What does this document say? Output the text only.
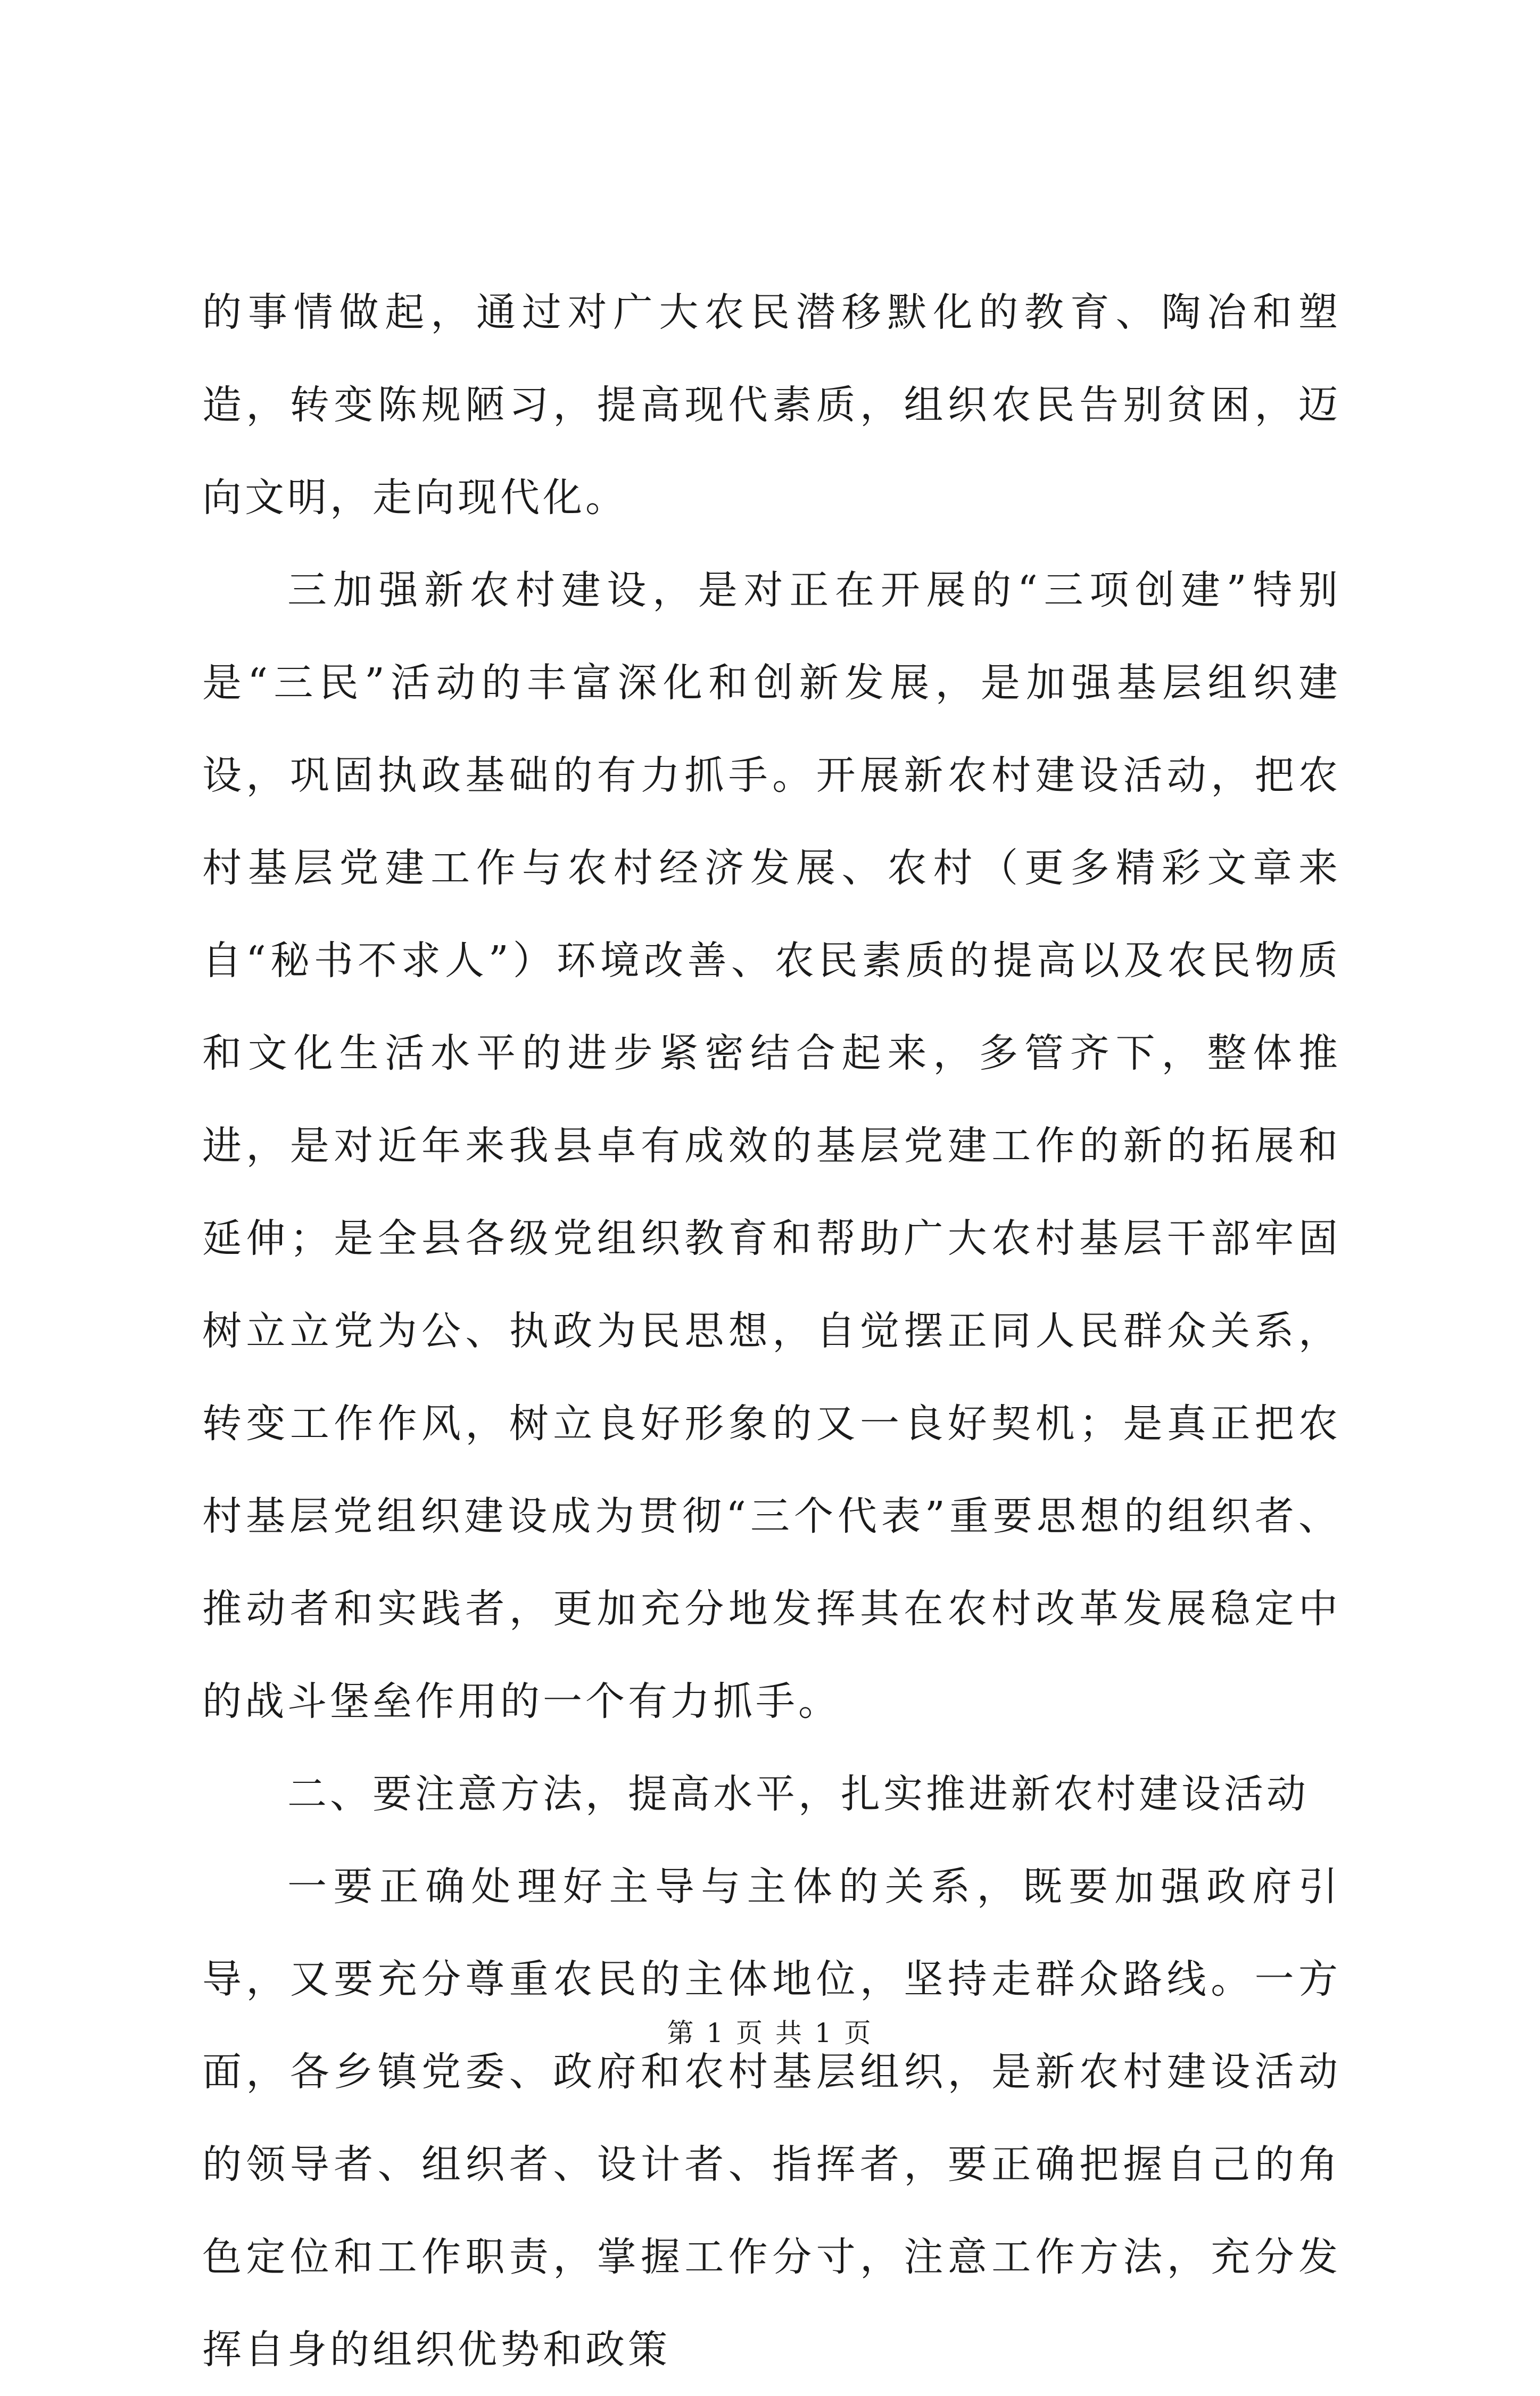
的事情做起，通过对广大农民潜移默化的教育、陶冶和塑造，转变陈规陋习，提高现代素质，组织农民告别贫困，迈向文明，走向现代化。

三加强新农村建设，是对正在开展的“三项创建”特别是“三民”活动的丰富深化和创新发展，是加强基层组织建设，巩固执政基础的有力抓手。开展新农村建设活动，把农村基层党建工作与农村经济发展、农村（更多精彩文章来自“秘书不求人”）环境改善、农民素质的提高以及农民物质和文化生活水平的进步紧密结合起来，多管齐下，整体推进，是对近年来我县卓有成效的基层党建工作的新的拓展和延伸；是全县各级党组织教育和帮助广大农村基层干部牢固树立立党为公、执政为民思想，自觉摆正同人民群众关系，转变工作作风，树立良好形象的又一良好契机；是真正把农村基层党组织建设成为贯彻“三个代表”重要思想的组织者、推动者和实践者，更加充分地发挥其在农村改革发展稳定中的战斗堡垒作用的一个有力抓手。

二、要注意方法，提高水平，扎实推进新农村建设活动

一要正确处理好主导与主体的关系，既要加强政府引导，又要充分尊重农民的主体地位，坚持走群众路线。一方面，各乡镇党委、政府和农村基层组织，是新农村建设活动的领导者、组织者、设计者、指挥者，要正确把握自己的角色定位和工作职责，掌握工作分寸，注意工作方法，充分发挥自身的组织优势和政策

第 1 页 共 1 页
